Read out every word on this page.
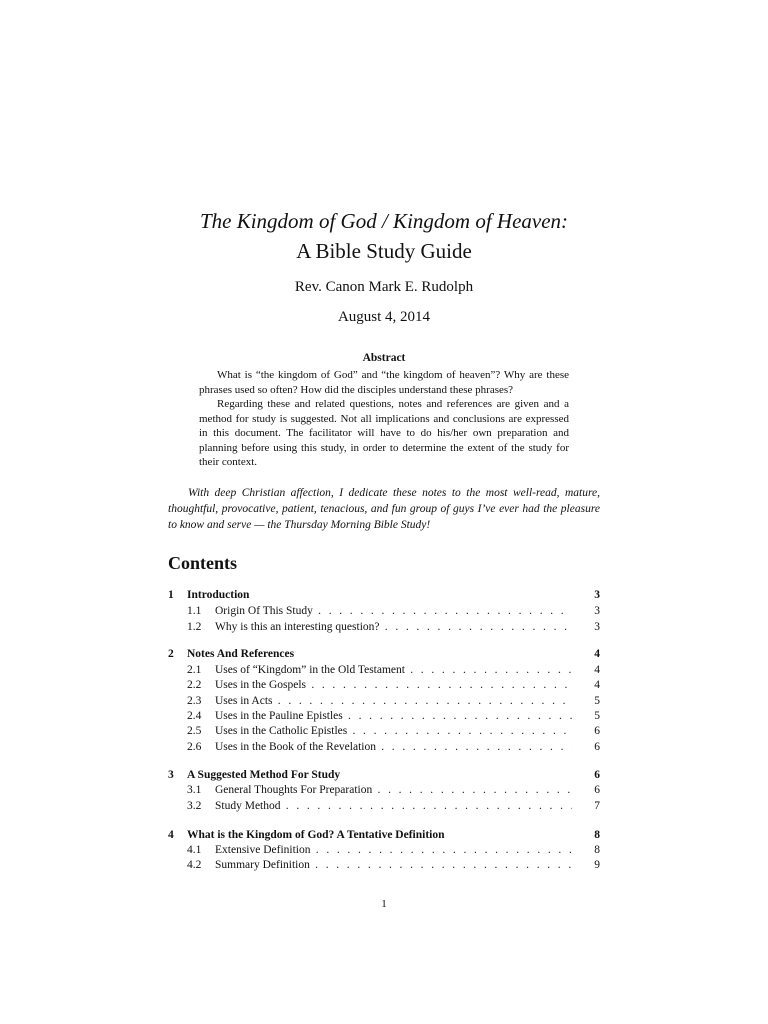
The Kingdom of God / Kingdom of Heaven:
A Bible Study Guide
Rev. Canon Mark E. Rudolph
August 4, 2014
Abstract

What is “the kingdom of God” and “the kingdom of heaven”? Why are these phrases used so often? How did the disciples understand these phrases?

Regarding these and related questions, notes and references are given and a method for study is suggested. Not all implications and conclusions are expressed in this document. The facilitator will have to do his/her own preparation and planning before using this study, in order to determine the extent of the study for their context.

With deep Christian affection, I dedicate these notes to the most well-read, mature, thoughtful, provocative, patient, tenacious, and fun group of guys I’ve ever had the pleasure to know and serve — the Thursday Morning Bible Study!
Contents
1 Introduction	3
1.1 Origin Of This Study . . .	3
1.2 Why is this an interesting question? . . .	3
2 Notes And References	4
2.1 Uses of “Kingdom” in the Old Testament . . .	4
2.2 Uses in the Gospels . . .	4
2.3 Uses in Acts . . .	5
2.4 Uses in the Pauline Epistles . . .	5
2.5 Uses in the Catholic Epistles . . .	6
2.6 Uses in the Book of the Revelation . . .	6
3 A Suggested Method For Study	6
3.1 General Thoughts For Preparation . . .	6
3.2 Study Method . . .	7
4 What is the Kingdom of God? A Tentative Definition	8
4.1 Extensive Definition . . .	8
4.2 Summary Definition . . .	9
1
